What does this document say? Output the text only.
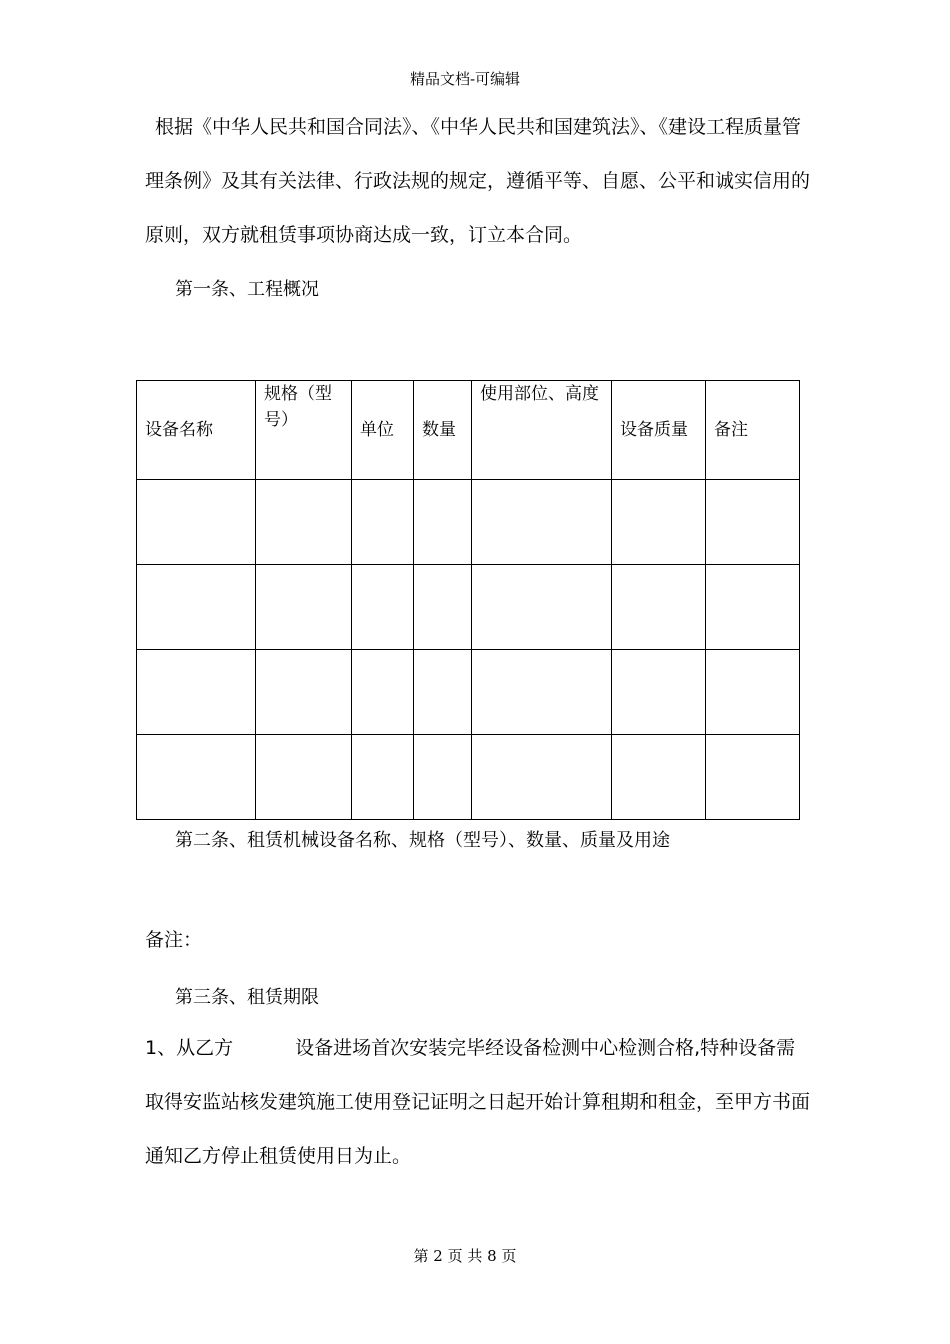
精品文档-可编辑
根据《中华人民共和国合同法》、《中华人民共和国建筑法》、《建设工程质量管理条例》及其有关法律、行政法规的规定，遵循平等、自愿、公平和诚实信用的原则，双方就租赁事项协商达成一致，订立本合同。
第一条、工程概况
设备名称	规格（型号）	单位	数量	使用部位、高度	设备质量	备注

第二条、租赁机械设备名称、规格（型号）、数量、质量及用途
备注：
第三条、租赁期限
1、从乙方	设备进场首次安装完毕经设备检测中心检测合格,特种设备需取得安监站核发建筑施工使用登记证明之日起开始计算租期和租金，至甲方书面通知乙方停止租赁使用日为止。
第 2 页 共 8 页
